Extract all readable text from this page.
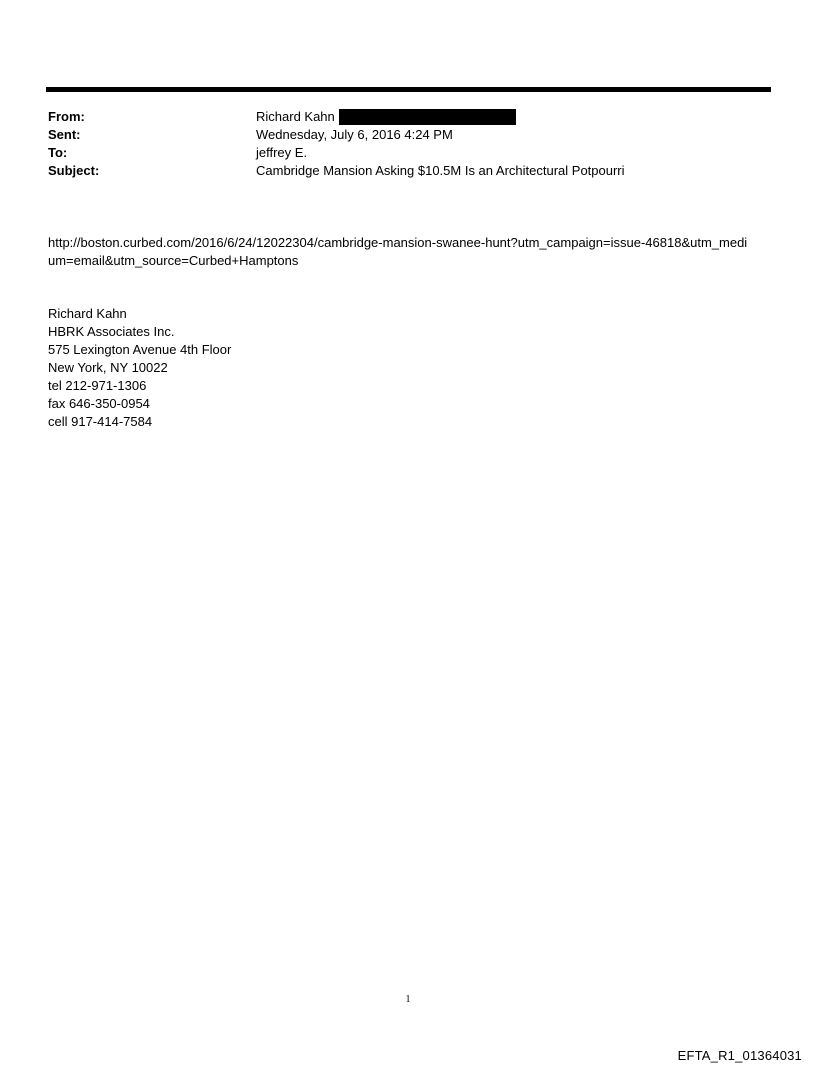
From:	Richard Kahn
Sent:	Wednesday, July 6, 2016 4:24 PM
To:	jeffrey E.
Subject:	Cambridge Mansion Asking $10.5M Is an Architectural Potpourri
http://boston.curbed.com/2016/6/24/12022304/cambridge-mansion-swanee-hunt?utm_campaign=issue-46818&utm_medium=email&utm_source=Curbed+Hamptons
Richard Kahn
HBRK Associates Inc.
575 Lexington Avenue 4th Floor
New York, NY 10022
tel 212-971-1306
fax 646-350-0954
cell 917-414-7584
1
EFTA_R1_01364031
